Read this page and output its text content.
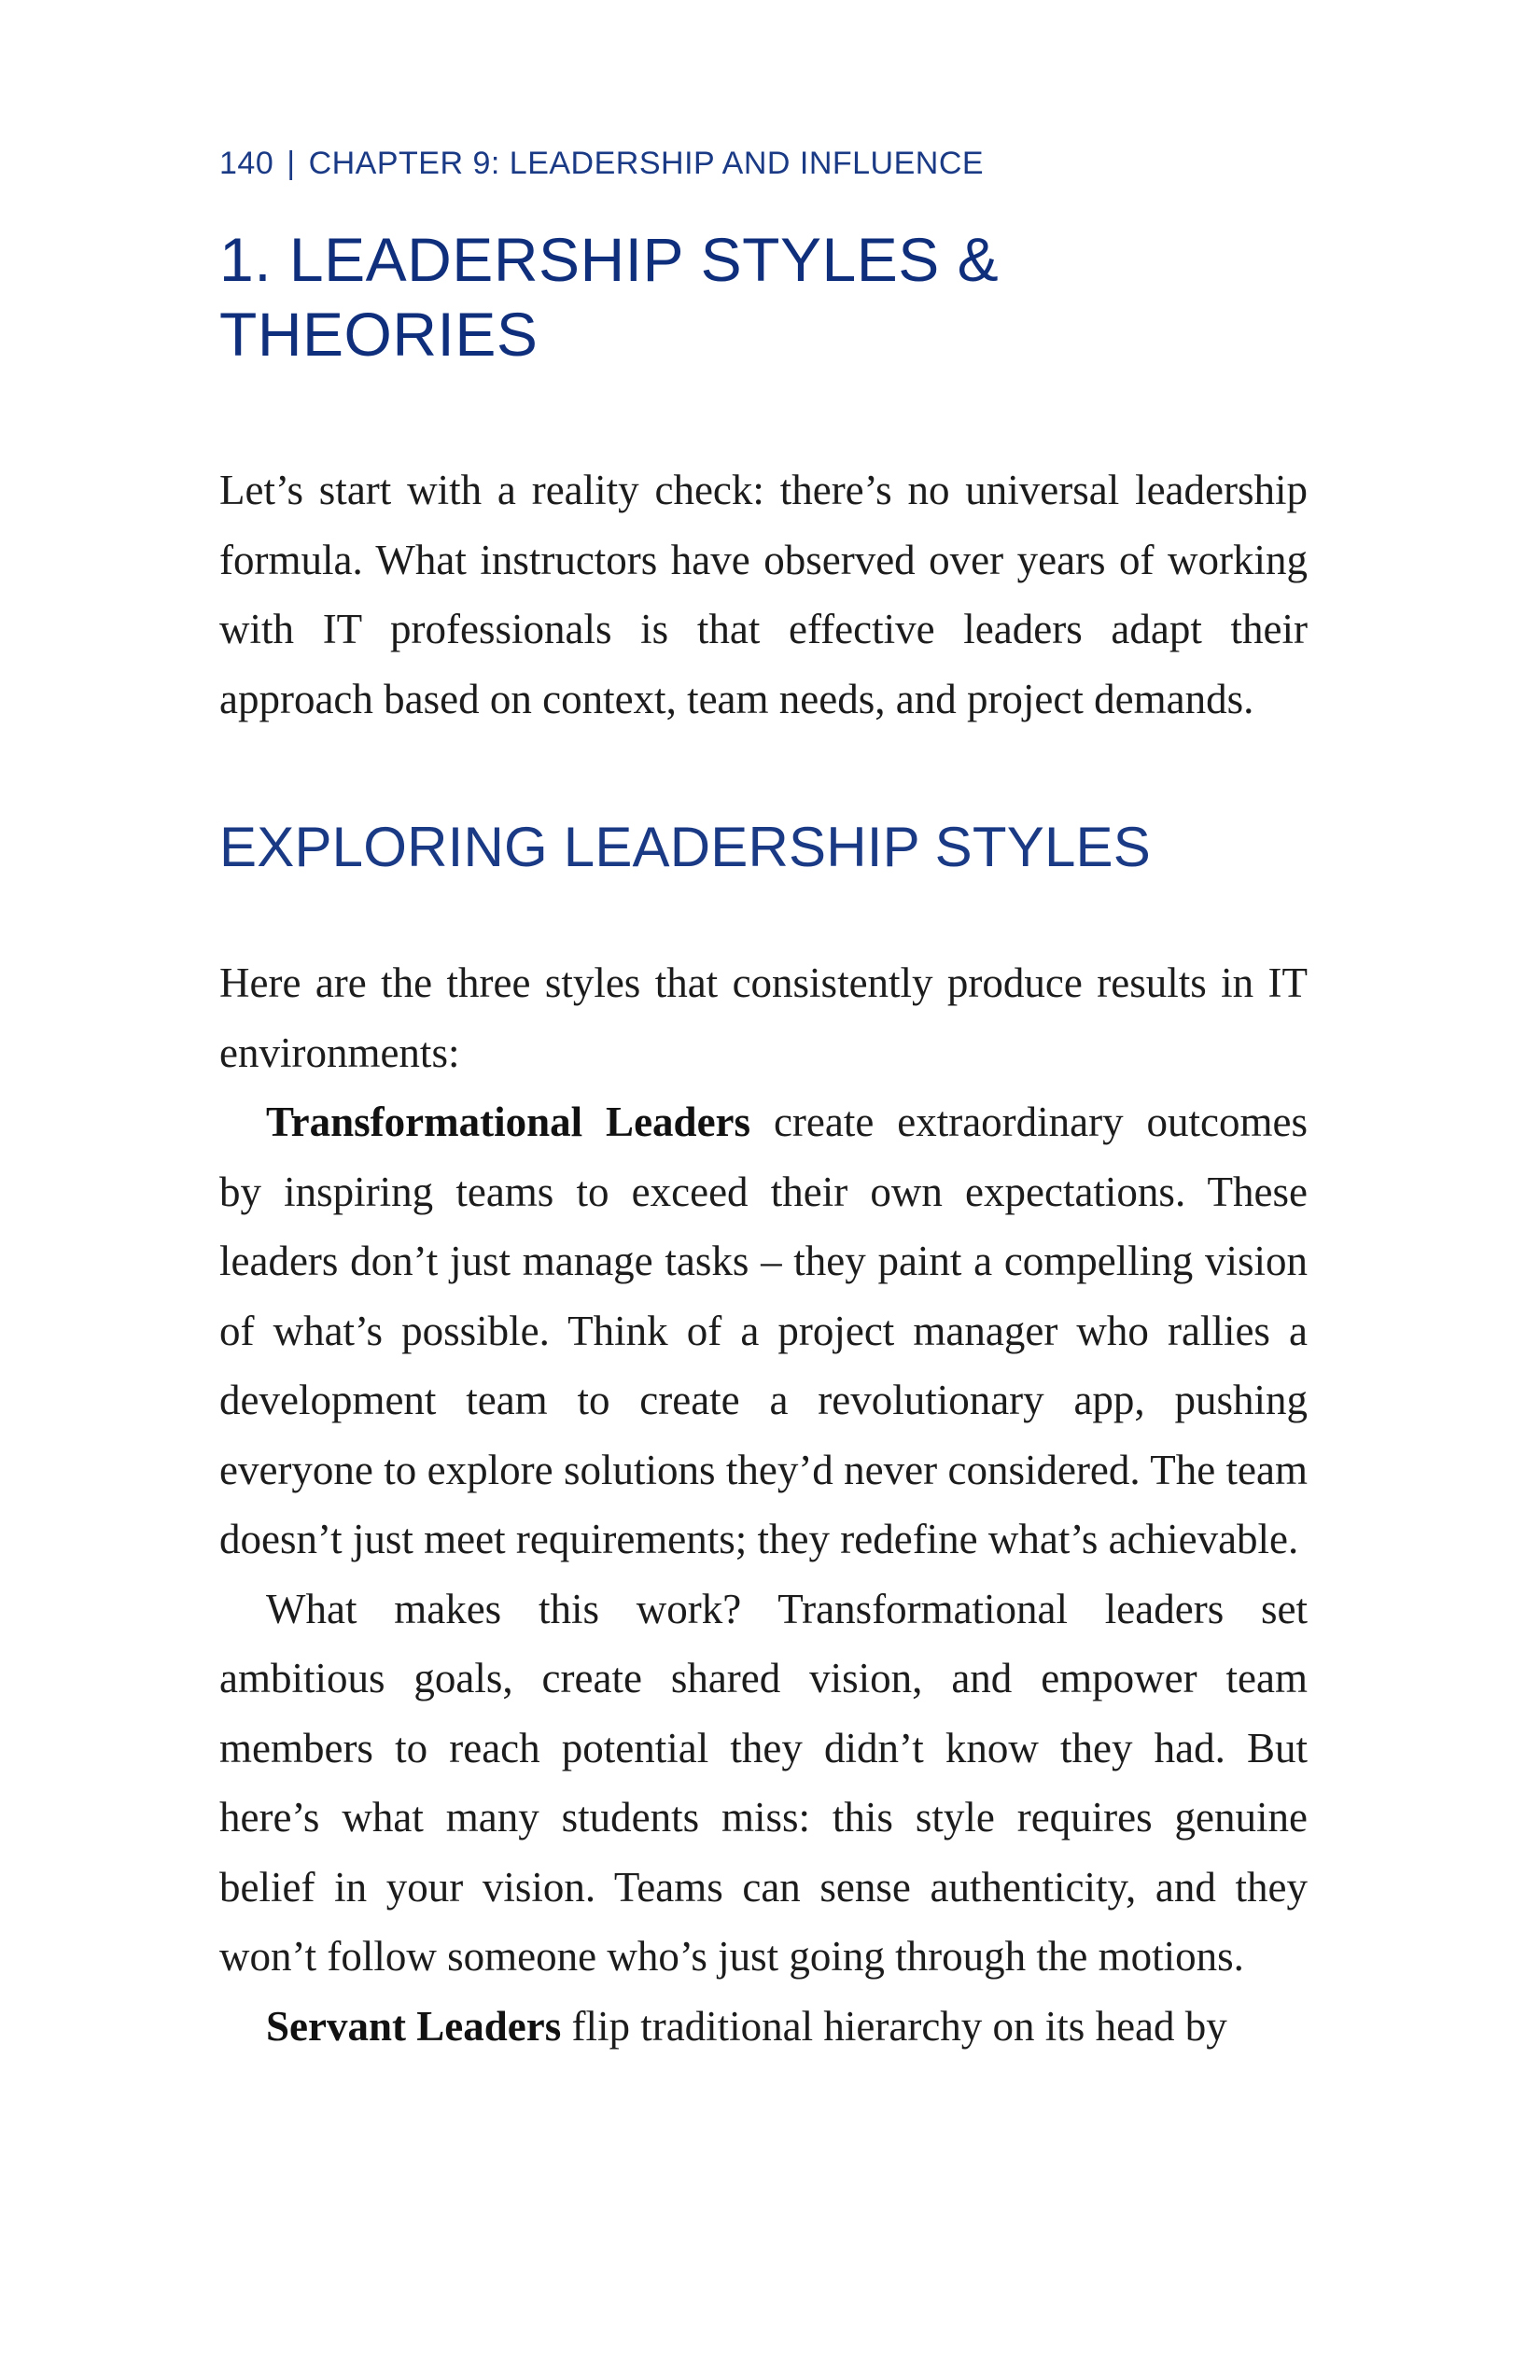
140 | CHAPTER 9: LEADERSHIP AND INFLUENCE
1. LEADERSHIP STYLES &
THEORIES

Let’s start with a reality check: there’s no universal leadership formula. What instructors have observed over years of working with IT professionals is that effective leaders adapt their approach based on context, team needs, and project demands.

EXPLORING LEADERSHIP STYLES

Here are the three styles that consistently produce results in IT environments:

Transformational Leaders create extraordinary outcomes by inspiring teams to exceed their own expectations. These leaders don’t just manage tasks – they paint a compelling vision of what’s possible. Think of a project manager who rallies a development team to create a revolutionary app, pushing everyone to explore solutions they’d never considered. The team doesn’t just meet requirements; they redefine what’s achievable.

What makes this work? Transformational leaders set ambitious goals, create shared vision, and empower team members to reach potential they didn’t know they had. But here’s what many students miss: this style requires genuine belief in your vision. Teams can sense authenticity, and they won’t follow someone who’s just going through the motions.

Servant Leaders flip traditional hierarchy on its head by
